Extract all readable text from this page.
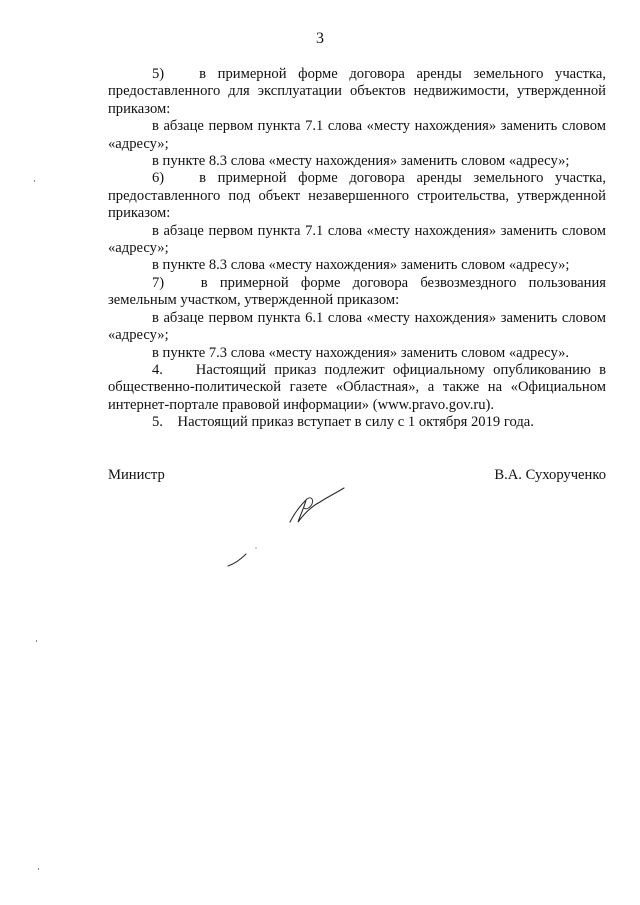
3

5)   в примерной форме договора аренды земельного участка, предоставленного для эксплуатации объектов недвижимости, утвержденной приказом:

в абзаце первом пункта 7.1 слова «месту нахождения» заменить словом «адресу»;

в пункте 8.3 слова «месту нахождения» заменить словом «адресу»;

6)   в примерной форме договора аренды земельного участка, предоставленного под объект незавершенного строительства, утвержденной приказом:

в абзаце первом пункта 7.1 слова «месту нахождения» заменить словом «адресу»;

в пункте 8.3 слова «месту нахождения» заменить словом «адресу»;

7)   в примерной форме договора безвозмездного пользования земельным участком, утвержденной приказом:

в абзаце первом пункта 6.1 слова «месту нахождения» заменить словом «адресу»;

в пункте 7.3 слова «месту нахождения» заменить словом «адресу».

4.    Настоящий приказ подлежит официальному опубликованию в общественно-политической газете «Областная», а также на «Официальном интернет-портале правовой информации» (www.pravo.gov.ru).

5.    Настоящий приказ вступает в силу с 1 октября 2019 года.

Министр	В.А. Сухорученко
